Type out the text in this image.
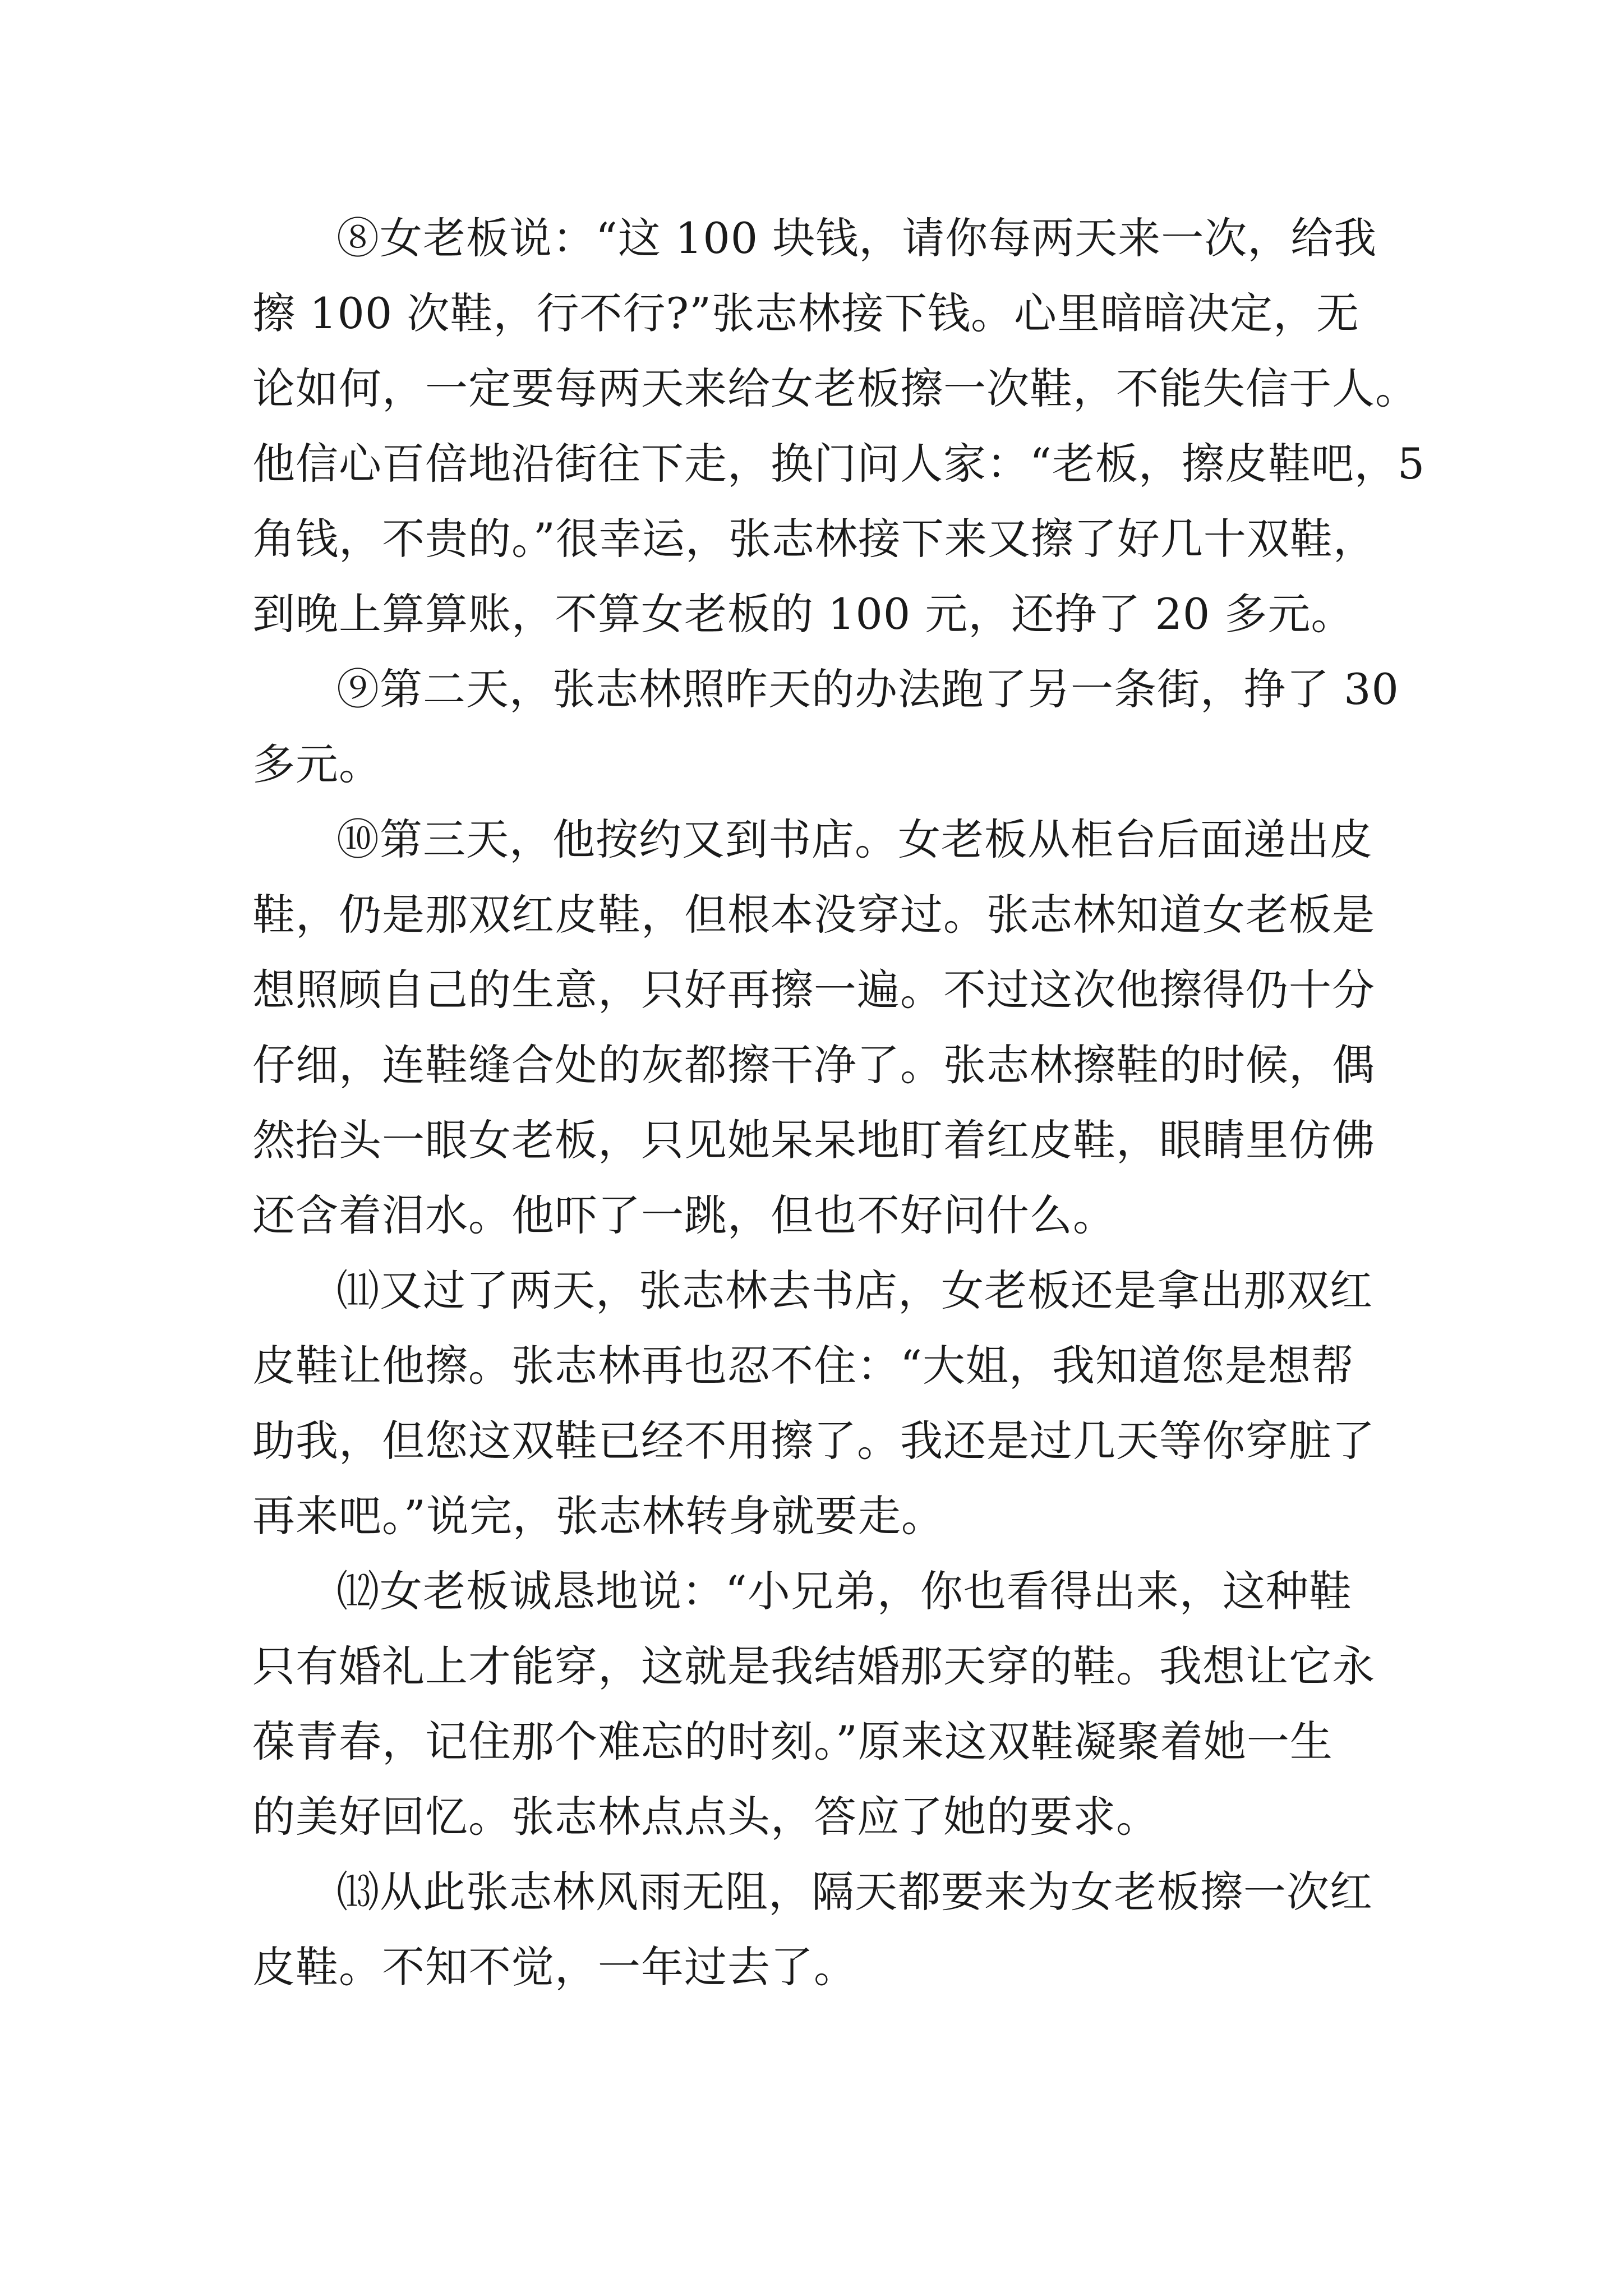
⑧女老板说：“这 100 块钱，请你每两天来一次，给我
擦 100 次鞋，行不行?”张志林接下钱。心里暗暗决定，无
论如何，一定要每两天来给女老板擦一次鞋，不能失信于人。
他信心百倍地沿街往下走，换门问人家：“老板，擦皮鞋吧，5
角钱，不贵的。”很幸运，张志林接下来又擦了好几十双鞋，
到晚上算算账，不算女老板的 100 元，还挣了 20 多元。
⑨第二天，张志林照昨天的办法跑了另一条街，挣了 30
多元。
⑩第三天，他按约又到书店。女老板从柜台后面递出皮
鞋，仍是那双红皮鞋，但根本没穿过。张志林知道女老板是
想照顾自己的生意，只好再擦一遍。不过这次他擦得仍十分
仔细，连鞋缝合处的灰都擦干净了。张志林擦鞋的时候，偶
然抬头一眼女老板，只见她呆呆地盯着红皮鞋，眼睛里仿佛
还含着泪水。他吓了一跳，但也不好问什么。
⑾又过了两天，张志林去书店，女老板还是拿出那双红
皮鞋让他擦。张志林再也忍不住：“大姐，我知道您是想帮
助我，但您这双鞋已经不用擦了。我还是过几天等你穿脏了
再来吧。”说完，张志林转身就要走。
⑿女老板诚恳地说：“小兄弟，你也看得出来，这种鞋
只有婚礼上才能穿，这就是我结婚那天穿的鞋。我想让它永
葆青春，记住那个难忘的时刻。”原来这双鞋凝聚着她一生
的美好回忆。张志林点点头，答应了她的要求。
⒀从此张志林风雨无阻，隔天都要来为女老板擦一次红
皮鞋。不知不觉，一年过去了。
